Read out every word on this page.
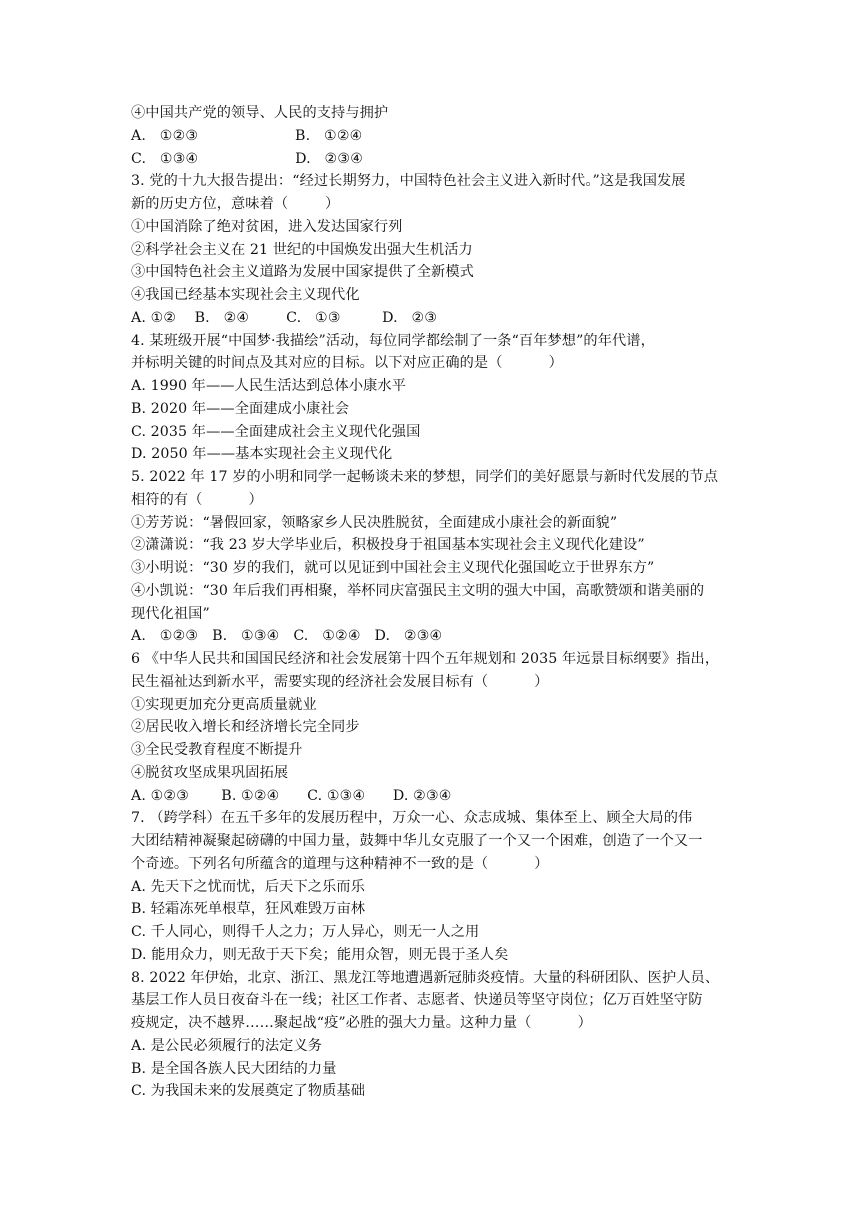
④中国共产党的领导、人民的支持与拥护
A.   ①②③                     B.   ①②④
C.   ①③④                     D.   ②③④
3. 党的十九大报告提出：“经过长期努力，中国特色社会主义进入新时代。”这是我国发展
新的历史方位，意味着（        ）
①中国消除了绝对贫困，进入发达国家行列
②科学社会主义在 21 世纪的中国焕发出强大生机活力
③中国特色社会主义道路为发展中国家提供了全新模式
④我国已经基本实现社会主义现代化
A. ①②    B.   ②④        C.   ①③         D.   ②③
4. 某班级开展“中国梦·我描绘”活动，每位同学都绘制了一条“百年梦想”的年代谱，
并标明关键的时间点及其对应的目标。以下对应正确的是（          ）
A. 1990 年——人民生活达到总体小康水平
B. 2020 年——全面建成小康社会
C. 2035 年——全面建成社会主义现代化强国
D. 2050 年——基本实现社会主义现代化
5. 2022 年 17 岁的小明和同学一起畅谈未来的梦想，同学们的美好愿景与新时代发展的节点
相符的有（          ）
①芳芳说：“暑假回家，领略家乡人民决胜脱贫，全面建成小康社会的新面貌”
②潇潇说：“我 23 岁大学毕业后，积极投身于祖国基本实现社会主义现代化建设”
③小明说：“30 岁的我们，就可以见证到中国社会主义现代化强国屹立于世界东方”
④小凯说：“30 年后我们再相聚，举杯同庆富强民主文明的强大中国，高歌赞颂和谐美丽的
现代化祖国”
A.   ①②③   B.   ①③④   C.   ①②④   D.   ②③④
6 《中华人民共和国国民经济和社会发展第十四个五年规划和 2035 年远景目标纲要》指出，
民生福祉达到新水平，需要实现的经济社会发展目标有（          ）
①实现更加充分更高质量就业
②居民收入增长和经济增长完全同步
③全民受教育程度不断提升
④脱贫攻坚成果巩固拓展
A. ①②③       B. ①②④      C. ①③④      D. ②③④
7. （跨学科）在五千多年的发展历程中，万众一心、众志成城、集体至上、顾全大局的伟
大团结精神凝聚起磅礴的中国力量，鼓舞中华儿女克服了一个又一个困难，创造了一个又一
个奇迹。下列名句所蕴含的道理与这种精神不一致的是（          ）
A. 先天下之忧而忧，后天下之乐而乐
B. 轻霜冻死单根草，狂风难毁万亩林
C. 千人同心，则得千人之力；万人异心，则无一人之用
D. 能用众力，则无敌于天下矣；能用众智，则无畏于圣人矣
8. 2022 年伊始，北京、浙江、黑龙江等地遭遇新冠肺炎疫情。大量的科研团队、医护人员、
基层工作人员日夜奋斗在一线；社区工作者、志愿者、快递员等坚守岗位；亿万百姓坚守防
疫规定，决不越界……聚起战“疫”必胜的强大力量。这种力量（          ）
A. 是公民必须履行的法定义务
B. 是全国各族人民大团结的力量
C. 为我国未来的发展奠定了物质基础
